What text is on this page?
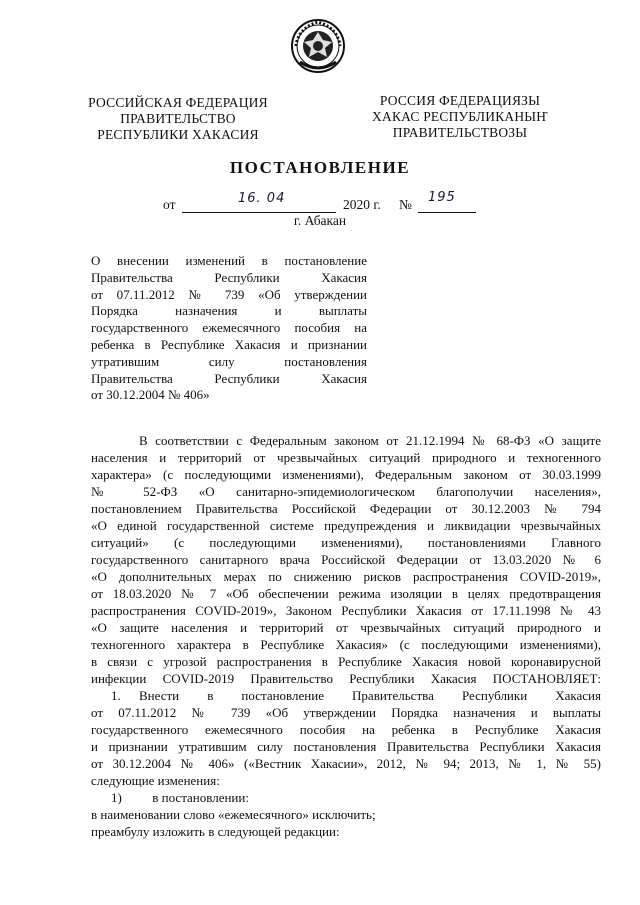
РОССИЙСКАЯ ФЕДЕРАЦИЯ
ПРАВИТЕЛЬСТВО
РЕСПУБЛИКИ ХАКАСИЯ
РОССИЯ ФЕДЕРАЦИЯЗЫ
ХАКАС РЕСПУБЛИКАНЫҤ
ПРАВИТЕЛЬСТВОЗЫ
ПОСТАНОВЛЕНИЕ
от	16. 04	2020 г. № 195
г. Абакан
О внесении изменений в постановление
Правительства Республики Хакасия
от 07.11.2012 № 739 «Об утверждении
Порядка назначения и выплаты
государственного ежемесячного пособия на
ребенка в Республике Хакасия и признании
утратившим силу постановления
Правительства Республики Хакасия
от 30.12.2004 № 406»
В соответствии с Федеральным законом от 21.12.1994 № 68-ФЗ «О защите
населения и территорий от чрезвычайных ситуаций природного и техногенного
характера» (с последующими изменениями), Федеральным законом от 30.03.1999
№ 52-ФЗ «О санитарно-эпидемиологическом благополучии населения»,
постановлением Правительства Российской Федерации от 30.12.2003 № 794
«О единой государственной системе предупреждения и ликвидации чрезвычайных
ситуаций» (с последующими изменениями), постановлениями Главного
государственного санитарного врача Российской Федерации от 13.03.2020 № 6
«О дополнительных мерах по снижению рисков распространения COVID-2019»,
от 18.03.2020 № 7 «Об обеспечении режима изоляции в целях предотвращения
распространения COVID-2019», Законом Республики Хакасия от 17.11.1998 № 43
«О защите населения и территорий от чрезвычайных ситуаций природного и
техногенного характера в Республике Хакасия» (с последующими изменениями),
в связи с угрозой распространения в Республике Хакасия новой коронавирусной
инфекции COVID-2019 Правительство Республики Хакасия ПОСТАНОВЛЯЕТ:
1.	Внести в постановление Правительства Республики Хакасия
от 07.11.2012 № 739 «Об утверждении Порядка назначения и выплаты
государственного ежемесячного пособия на ребенка в Республике Хакасия
и признании утратившим силу постановления Правительства Республики Хакасия
от 30.12.2004 № 406» («Вестник Хакасии», 2012, № 94; 2013, № 1, № 55)
следующие изменения:
1) в постановлении:
в наименовании слово «ежемесячного» исключить;
преамбулу изложить в следующей редакции:
